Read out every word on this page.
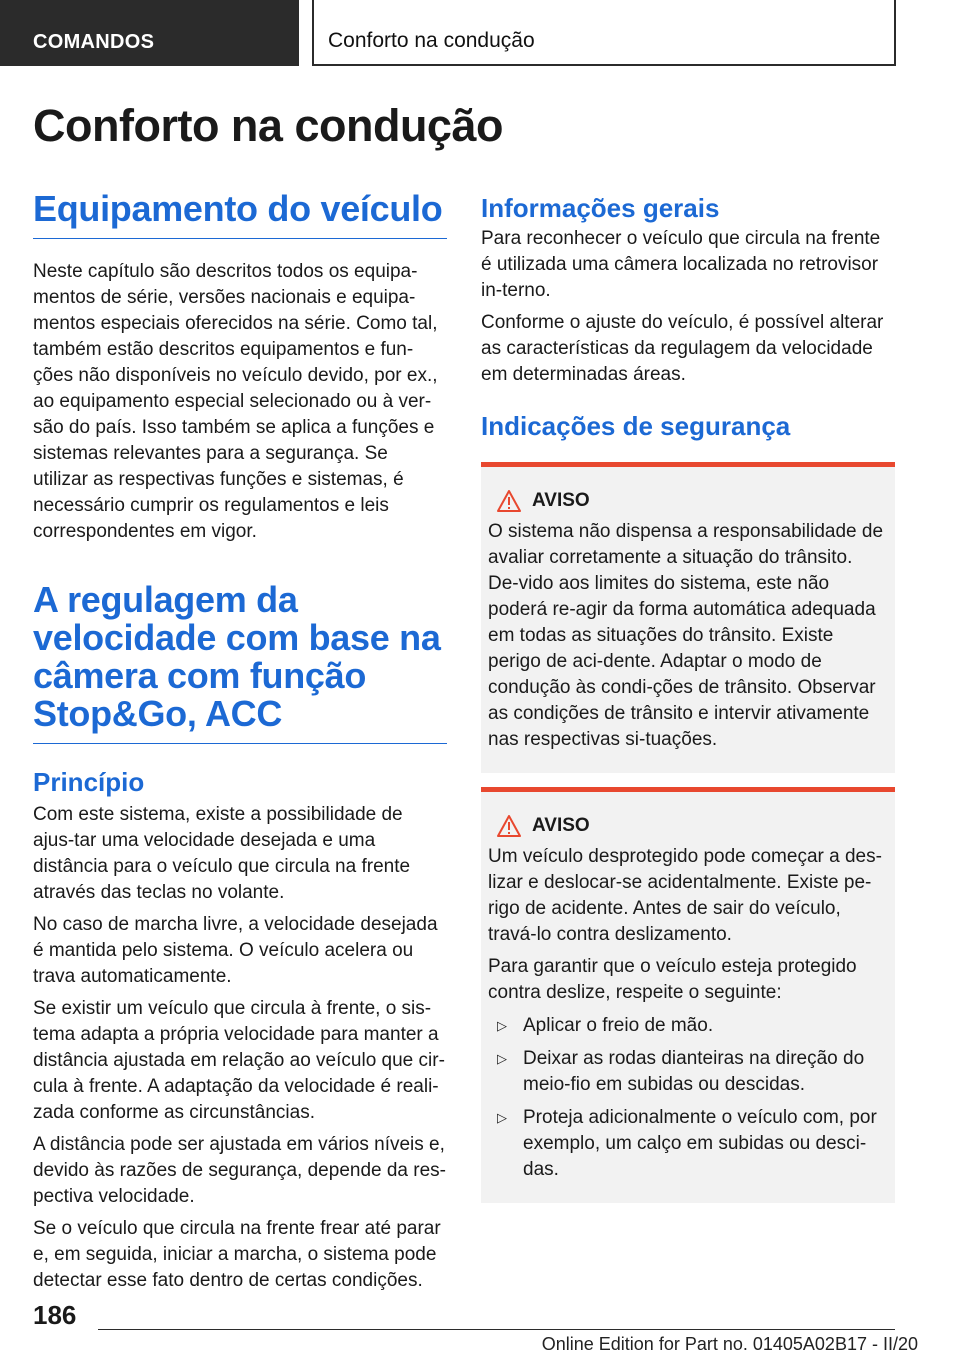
COMANDOS	Conforto na condução
Conforto na condução
Equipamento do veículo

Neste capítulo são descritos todos os equipa-mentos de série, versões nacionais e equipa-mentos especiais oferecidos na série. Como tal, também estão descritos equipamentos e fun-ções não disponíveis no veículo devido, por ex., ao equipamento especial selecionado ou à ver-são do país. Isso também se aplica a funções e sistemas relevantes para a segurança. Se utilizar as respectivas funções e sistemas, é necessário cumprir os regulamentos e leis correspondentes em vigor.

A regulagem da velocidade com base na câmera com função Stop&Go, ACC
Princípio

Com este sistema, existe a possibilidade de ajus-tar uma velocidade desejada e uma distância para o veículo que circula na frente através das teclas no volante.

No caso de marcha livre, a velocidade desejada é mantida pelo sistema. O veículo acelera ou trava automaticamente.

Se existir um veículo que circula à frente, o sis-tema adapta a própria velocidade para manter a distância ajustada em relação ao veículo que cir-cula à frente. A adaptação da velocidade é reali-zada conforme as circunstâncias.

A distância pode ser ajustada em vários níveis e, devido às razões de segurança, depende da res-pectiva velocidade.

Se o veículo que circula na frente frear até parar e, em seguida, iniciar a marcha, o sistema pode detectar esse fato dentro de certas condições.

Informações gerais

Para reconhecer o veículo que circula na frente é utilizada uma câmera localizada no retrovisor in-terno.

Conforme o ajuste do veículo, é possível alterar as características da regulagem da velocidade em determinadas áreas.

Indicações de segurança
AVISO

O sistema não dispensa a responsabilidade de avaliar corretamente a situação do trânsito. De-vido aos limites do sistema, este não poderá re-agir da forma automática adequada em todas as situações do trânsito. Existe perigo de aci-dente. Adaptar o modo de condução às condi-ções de trânsito. Observar as condições de trânsito e intervir ativamente nas respectivas si-tuações.

AVISO

Um veículo desprotegido pode começar a des-lizar e deslocar-se acidentalmente. Existe pe-rigo de acidente. Antes de sair do veículo, travá-lo contra deslizamento.

Para garantir que o veículo esteja protegido contra deslize, respeite o seguinte:

▷ Aplicar o freio de mão.
▷ Deixar as rodas dianteiras na direção do meio-fio em subidas ou descidas.
▷ Proteja adicionalmente o veículo com, por exemplo, um calço em subidas ou desci-das.
186
Online Edition for Part no. 01405A02B17 - II/20
